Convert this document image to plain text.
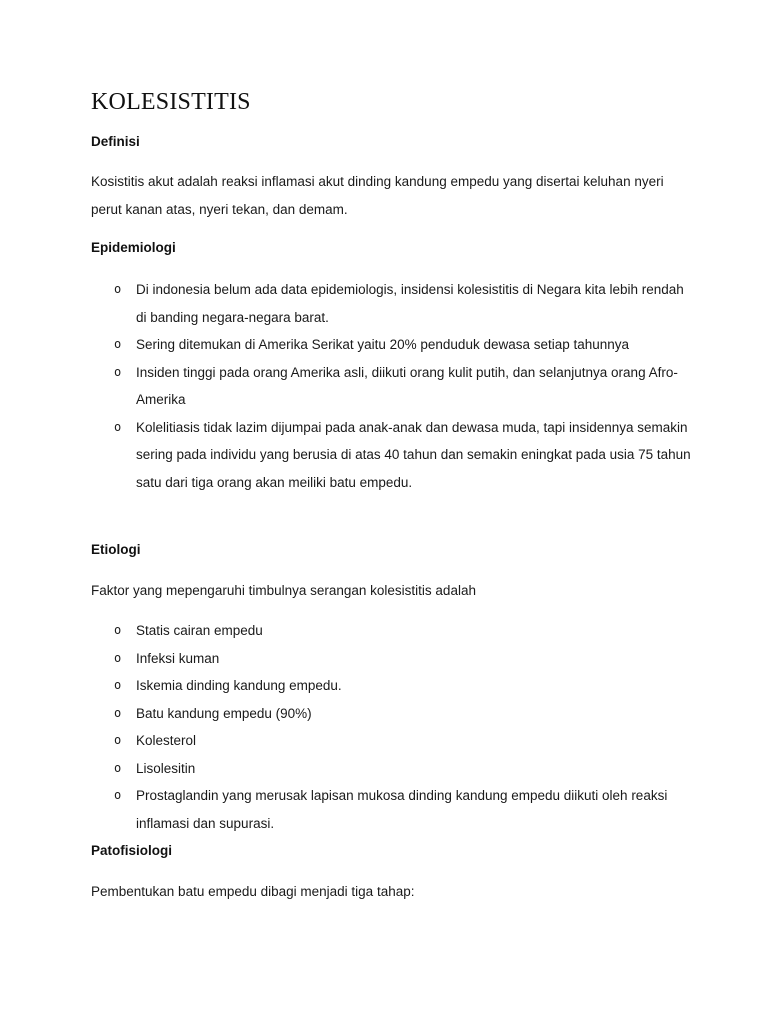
KOLESISTITIS
Definisi
Kosistitis akut adalah reaksi inflamasi akut dinding kandung empedu yang disertai keluhan nyeri perut kanan atas, nyeri tekan, dan demam.
Epidemiologi
o Di indonesia belum ada data epidemiologis, insidensi kolesistitis di Negara kita lebih rendah di banding negara-negara barat.
o Sering ditemukan di Amerika Serikat yaitu 20% penduduk dewasa setiap tahunnya
o Insiden tinggi pada orang Amerika asli, diikuti orang kulit putih, dan selanjutnya orang Afro-Amerika
o Kolelitiasis tidak lazim dijumpai pada anak-anak dan dewasa muda, tapi insidennya semakin sering pada individu yang berusia di atas 40 tahun dan semakin eningkat pada usia 75 tahun satu dari tiga orang akan meiliki batu empedu.
Etiologi
Faktor yang mepengaruhi timbulnya serangan kolesistitis adalah
o Statis cairan empedu
o Infeksi kuman
o Iskemia dinding kandung empedu.
o Batu kandung empedu (90%)
o Kolesterol
o Lisolesitin
o Prostaglandin yang merusak lapisan mukosa dinding kandung empedu diikuti oleh reaksi inflamasi dan supurasi.
Patofisiologi
Pembentukan batu empedu dibagi menjadi tiga tahap:
